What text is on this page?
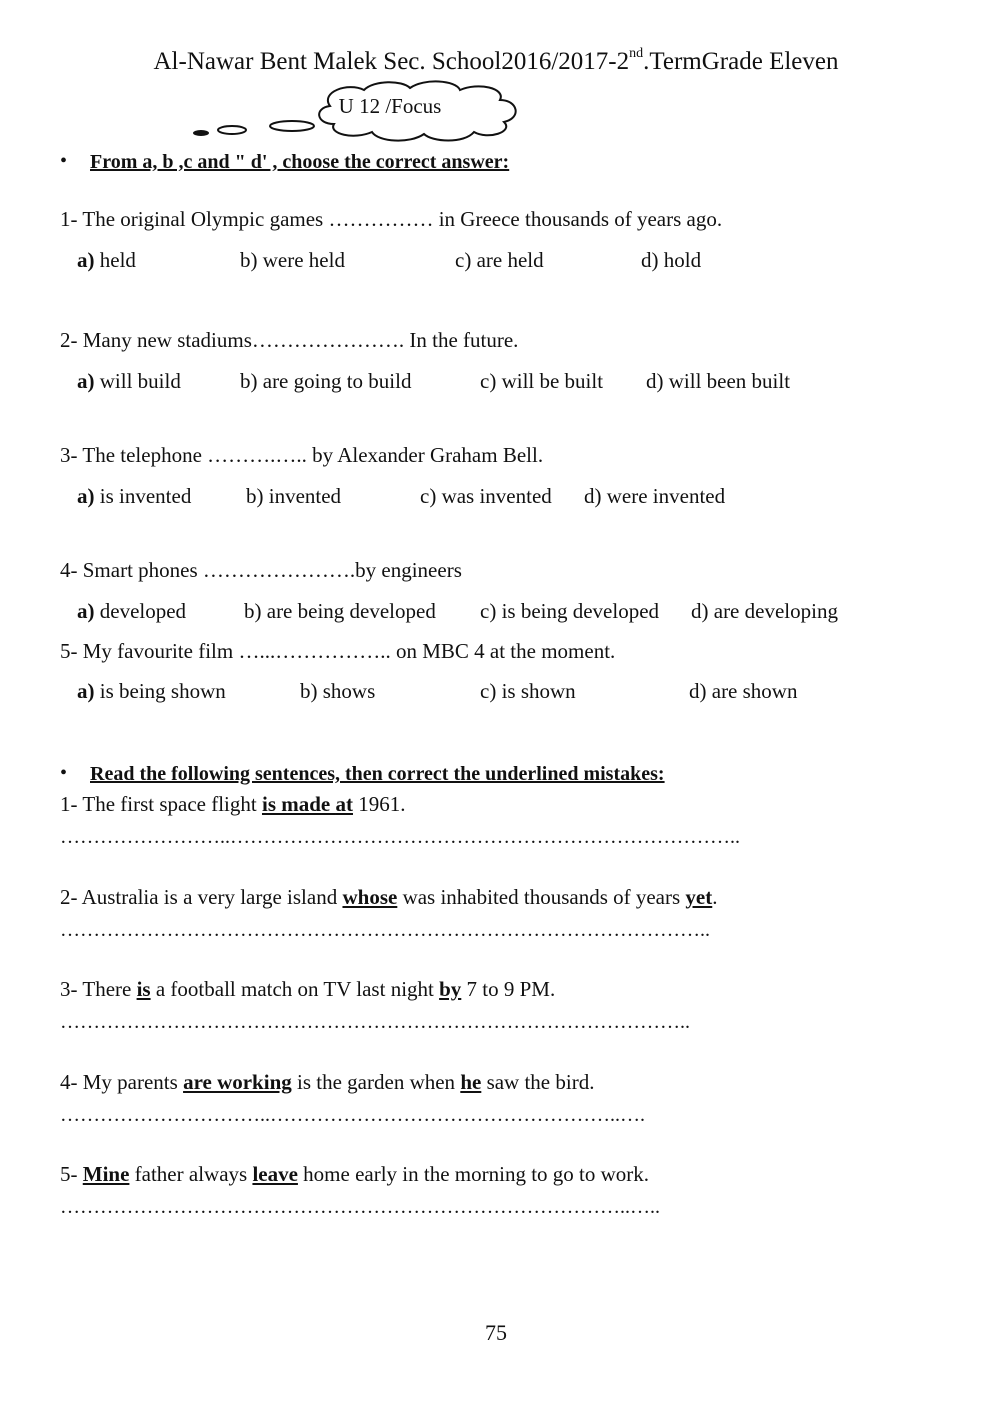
Al-Nawar Bent Malek Sec. School2016/2017-2nd.TermGrade Eleven
U 12 /Focus
• From a, b ,c and " d' , choose the correct answer:
1- The original Olympic games …………… in Greece thousands of years ago.
a) held	b) were held	c) are held	d) hold
2- Many new stadiums…………………. In the future.
a) will build	b) are going to build	c) will be built d) will been built
3- The telephone ……….….. by Alexander Graham Bell.
a) is invented	b) invented	c) was invented d) were invented
4- Smart phones ………………….by engineers
a) developed	b) are being developed c) is being developed d) are developing
5- My favourite film …...…………….. on MBC 4 at the moment.
a) is being shown	b) shows	c) is shown	d) are shown
• Read the following sentences, then correct the underlined mistakes:
1- The first space flight is made at 1961.
……………………..…………………………………………………………………..
2- Australia is a very large island whose was inhabited thousands of years yet.
……………………………………………………………………………………..
3- There is a football match on TV last night by 7 to 9 PM.
…………………………………………………………………………………..
4- My parents are working is the garden when he saw the bird.
…………………………..……………………………………………..….
5- Mine father always leave home early in the morning to go to work.
…………………………………………………………………………..…..
75
